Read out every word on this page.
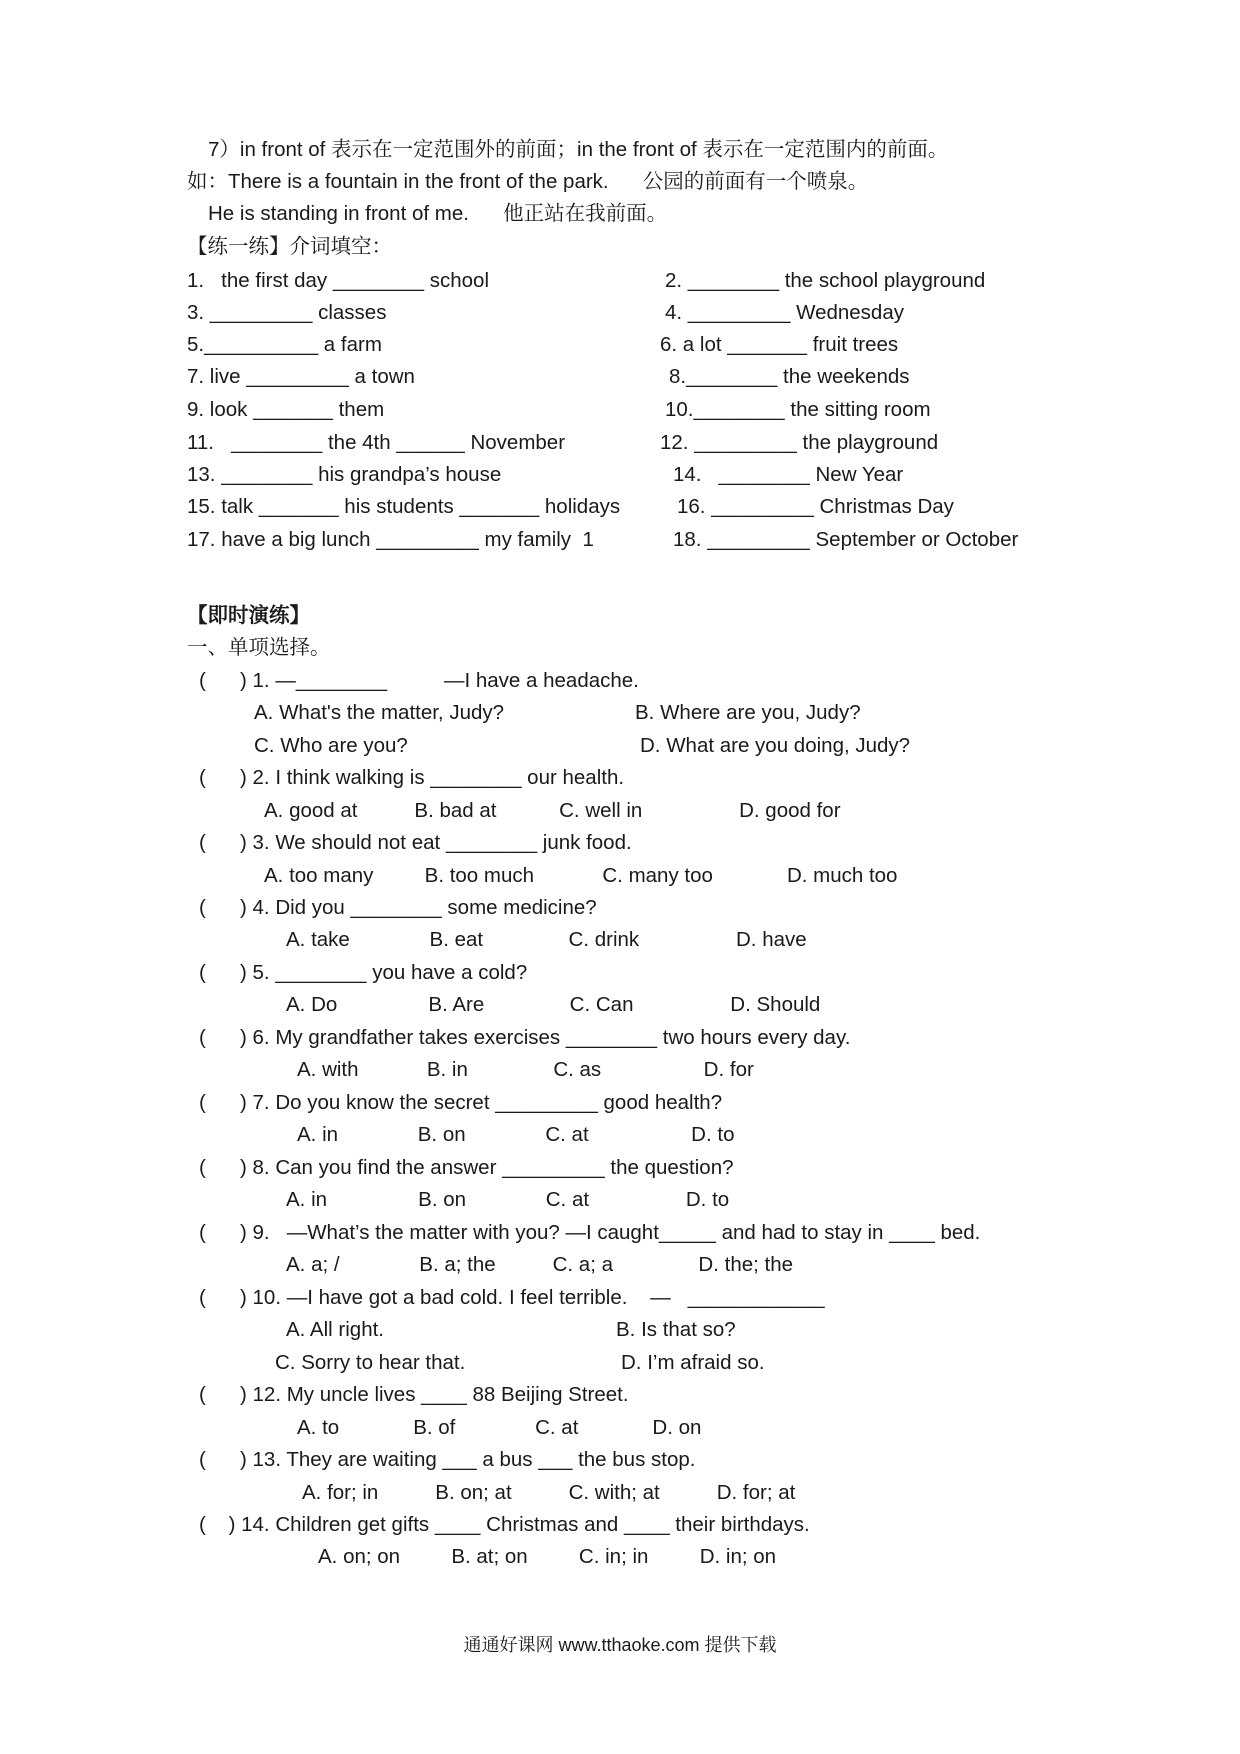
7）in front of 表示在一定范围外的前面；in the front of 表示在一定范围内的前面。
如：There is a fountain in the front of the park.      公园的前面有一个喷泉。
He is standing in front of me.      他正站在我前面。
【练一练】介词填空：
1.   the first day ________ school	2. ________ the school playground
3. _________ classes	4. _________ Wednesday
5.__________ a farm	6. a lot _______ fruit trees
7. live _________ a town	8.________ the weekends
9. look _______ them	10.________ the sitting room
11.   ________ the 4th ______ November	12. _________ the playground
13. ________ his grandpa’s house	14.   ________ New Year
15. talk _______ his students _______ holidays	16. _________ Christmas Day
17. have a big lunch _________ my family  1	18. _________ September or October
【即时演练】
一、单项选择。
(      ) 1. —________          —I have a headache.
A. What's the matter, Judy?	B. Where are you, Judy?
C. Who are you?	D. What are you doing, Judy?
(      ) 2. I think walking is ________ our health.
A. good at          B. bad at           C. well in                 D. good for
(      ) 3. We should not eat ________ junk food.
A. too many         B. too much            C. many too             D. much too
(      ) 4. Did you ________ some medicine?
A. take              B. eat               C. drink                 D. have
(      ) 5. ________ you have a cold?
A. Do                B. Are               C. Can                 D. Should
(      ) 6. My grandfather takes exercises ________ two hours every day.
A. with            B. in               C. as                  D. for
(      ) 7. Do you know the secret _________ good health?
A. in              B. on              C. at                  D. to
(      ) 8. Can you find the answer _________ the question?
A. in                B. on              C. at                 D. to
(      ) 9.   —What’s the matter with you? —I caught_____ and had to stay in ____ bed.
A. a; /              B. a; the          C. a; a               D. the; the
(      ) 10. —I have got a bad cold. I feel terrible.    —   ____________
A. All right.	B. Is that so?
C. Sorry to hear that.	D. I’m afraid so.
(      ) 12. My uncle lives ____ 88 Beijing Street.
A. to             B. of              C. at             D. on
(      ) 13. They are waiting ___ a bus ___ the bus stop.
A. for; in          B. on; at          C. with; at          D. for; at
(    ) 14. Children get gifts ____ Christmas and ____ their birthdays.
A. on; on         B. at; on         C. in; in         D. in; on
通通好课网 www.tthaoke.com 提供下载
